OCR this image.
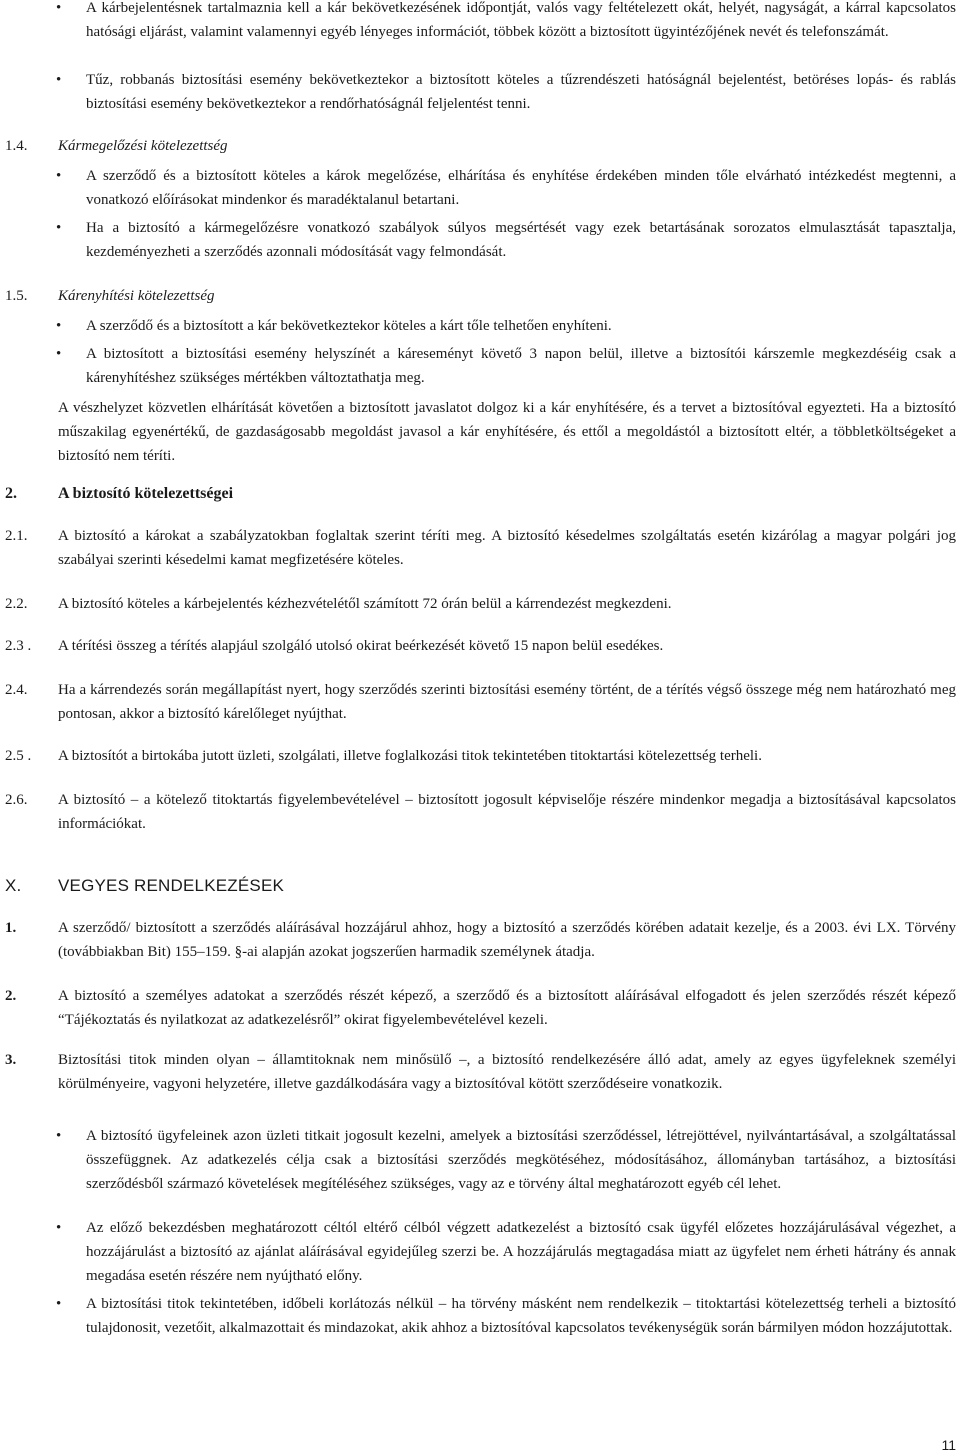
•	A kárbejelentésnek tartalmaznia kell a kár bekövetkezésének időpontját, valós vagy feltételezett okát, helyét, nagyságát, a kárral kapcsolatos hatósági eljárást, valamint valamennyi egyéb lényeges információt, többek között a biztosított ügyintézőjének nevét és telefonszámát.

•	Tűz, robbanás biztosítási esemény bekövetkeztekor a biztosított köteles a tűzrendészeti hatóságnál bejelentést, betöréses lopás- és rablás biztosítási esemény bekövetkeztekor a rendőrhatóságnál feljelentést tenni.

1.4. Kármegelőzési kötelezettség

•	A szerződő és a biztosított köteles a károk megelőzése, elhárítása és enyhítése érdekében minden tőle elvárható intézkedést megtenni, a vonatkozó előírásokat mindenkor és maradéktalanul betartani.

•	Ha a biztosító a kármegelőzésre vonatkozó szabályok súlyos megsértését vagy ezek betartásának sorozatos elmulasztását tapasztalja, kezdeményezheti a szerződés azonnali módosítását vagy felmondását.

1.5. Kárenyhítési kötelezettség

•	A szerződő és a biztosított a kár bekövetkeztekor köteles a kárt tőle telhetően enyhíteni.

•	A biztosított a biztosítási esemény helyszínét a káreseményt követő 3 napon belül, illetve a biztosítói kárszemle megkezdéséig csak a kárenyhítéshez szükséges mértékben változtathatja meg.

A vészhelyzet közvetlen elhárítását követően a biztosított javaslatot dolgoz ki a kár enyhítésére, és a tervet a biztosítóval egyezteti. Ha a biztosító műszakilag egyenértékű, de gazdaságosabb megoldást javasol a kár enyhítésére, és ettől a megoldástól a biztosított eltér, a többletköltségeket a biztosító nem téríti.

2.	A biztosító kötelezettségei

2.1. A biztosító a károkat a szabályzatokban foglaltak szerint téríti meg. A biztosító késedelmes szolgáltatás esetén kizárólag a magyar polgári jog szabályai szerinti késedelmi kamat megfizetésére köteles.

2.2. A biztosító köteles a kárbejelentés kézhezvételétől számított 72 órán belül a kárrendezést megkezdeni.

2.3 . A térítési összeg a térítés alapjául szolgáló utolsó okirat beérkezését követő 15 napon belül esedékes.

2.4. Ha a kárrendezés során megállapítást nyert, hogy szerződés szerinti biztosítási esemény történt, de a térítés végső összege még nem határozható meg pontosan, akkor a biztosító kárelőleget nyújthat.

2.5 . A biztosítót a birtokába jutott üzleti, szolgálati, illetve foglalkozási titok tekintetében titoktartási kötelezettség terheli.

2.6. A biztosító – a kötelező titoktartás figyelembevételével – biztosított jogosult képviselője részére mindenkor megadja a biztosításával kapcsolatos információkat.

X. VEGYES RENDELKEZÉSEK

1.	A szerződő/ biztosított a szerződés aláírásával hozzájárul ahhoz, hogy a biztosító a szerződés körében adatait kezelje, és a 2003. évi LX. Törvény (továbbiakban Bit) 155–159. §-ai alapján azokat jogszerűen harmadik személynek átadja.

2.	A biztosító a személyes adatokat a szerződés részét képező, a szerződő és a biztosított aláírásával elfogadott és jelen szerződés részét képező “Tájékoztatás és nyilatkozat az adatkezelésről” okirat figyelembevételével kezeli.

3.	Biztosítási titok minden olyan – államtitoknak nem minősülő –, a biztosító rendelkezésére álló adat, amely az egyes ügyfeleknek személyi körülményeire, vagyoni helyzetére, illetve gazdálkodására vagy a biztosítóval kötött szerződéseire vonatkozik.

•	A biztosító ügyfeleinek azon üzleti titkait jogosult kezelni, amelyek a biztosítási szerződéssel, létrejöttével, nyilvántartásával, a szolgáltatással összefüggnek. Az adatkezelés célja csak a biztosítási szerződés megkötéséhez, módosításához, állományban tartásához, a biztosítási szerződésből származó követelések megítéléséhez szükséges, vagy az e törvény által meghatározott egyéb cél lehet.

•	Az előző bekezdésben meghatározott céltól eltérő célból végzett adatkezelést a biztosító csak ügyfél előzetes hozzájárulásával végezhet, a hozzájárulást a biztosító az ajánlat aláírásával egyidejűleg szerzi be. A hozzájárulás megtagadása miatt az ügyfelet nem érheti hátrány és annak megadása esetén részére nem nyújtható előny.

•	A biztosítási titok tekintetében, időbeli korlátozás nélkül – ha törvény másként nem rendelkezik – titoktartási kötelezettség terheli a biztosító tulajdonosit, vezetőit, alkalmazottait és mindazokat, akik ahhoz a biztosítóval kapcsolatos tevékenységük során bármilyen módon hozzájutottak.

11
